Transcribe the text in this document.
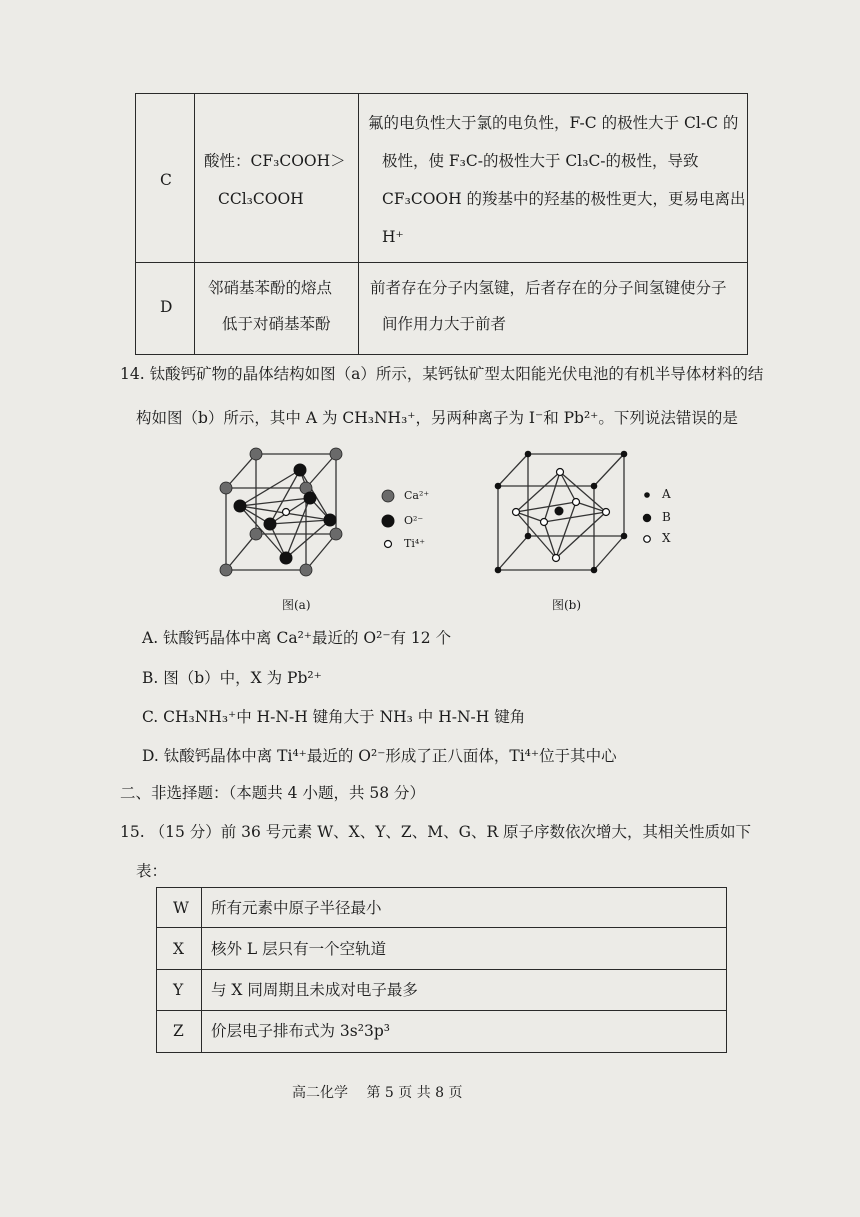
C
酸性：CF₃COOH＞
CCl₃COOH
氟的电负性大于氯的电负性，F-C 的极性大于 Cl-C 的
极性，使 F₃C-的极性大于 Cl₃C-的极性，导致
CF₃COOH 的羧基中的羟基的极性更大，更易电离出
H⁺
D
邻硝基苯酚的熔点
低于对硝基苯酚
前者存在分子内氢键，后者存在的分子间氢键使分子
间作用力大于前者
14. 钛酸钙矿物的晶体结构如图（a）所示，某钙钛矿型太阳能光伏电池的有机半导体材料的结
构如图（b）所示，其中 A 为 CH₃NH₃⁺，另两种离子为 I⁻和 Pb²⁺。下列说法错误的是
Ca²⁺
O²⁻
Ti⁴⁺
图(a)
A
B
X
图(b)
A. 钛酸钙晶体中离 Ca²⁺最近的 O²⁻有 12 个
B. 图（b）中，X 为 Pb²⁺
C. CH₃NH₃⁺中 H-N-H 键角大于 NH₃ 中 H-N-H 键角
D. 钛酸钙晶体中离 Ti⁴⁺最近的 O²⁻形成了正八面体，Ti⁴⁺位于其中心
二、非选择题：（本题共 4 小题，共 58 分）
15. （15 分）前 36 号元素 W、X、Y、Z、M、G、R 原子序数依次增大，其相关性质如下
表：
W 所有元素中原子半径最小
X 核外 L 层只有一个空轨道
Y 与 X 同周期且未成对电子最多
Z 价层电子排布式为 3s²3p³
高二化学　 第 5 页 共 8 页
